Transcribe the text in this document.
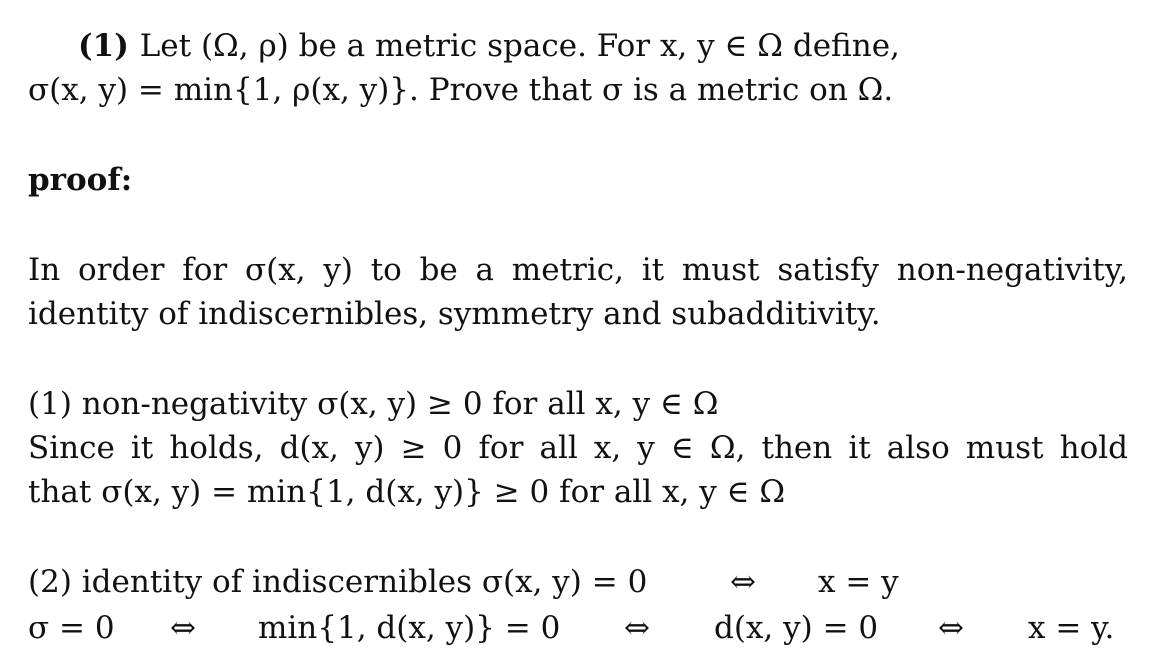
(1) Let (Ω, ρ) be a metric space. For x, y ∈ Ω define,
σ(x, y) = min{1, ρ(x, y)}. Prove that σ is a metric on Ω.
proof:
In order for σ(x, y) to be a metric, it must satisfy non-negativity,
identity of indiscernibles, symmetry and subadditivity.
(1) non-negativity σ(x, y) ≥ 0 for all x, y ∈ Ω
Since it holds, d(x, y) ≥ 0 for all x, y ∈ Ω, then it also must hold
that σ(x, y) = min{1, d(x, y)} ≥ 0 for all x, y ∈ Ω
(2) identity of indiscernibles σ(x, y) = 0	⇔ x = y
σ = 0 ⇔ min{1, d(x, y)} = 0 ⇔ d(x, y) = 0 ⇔ x = y.
